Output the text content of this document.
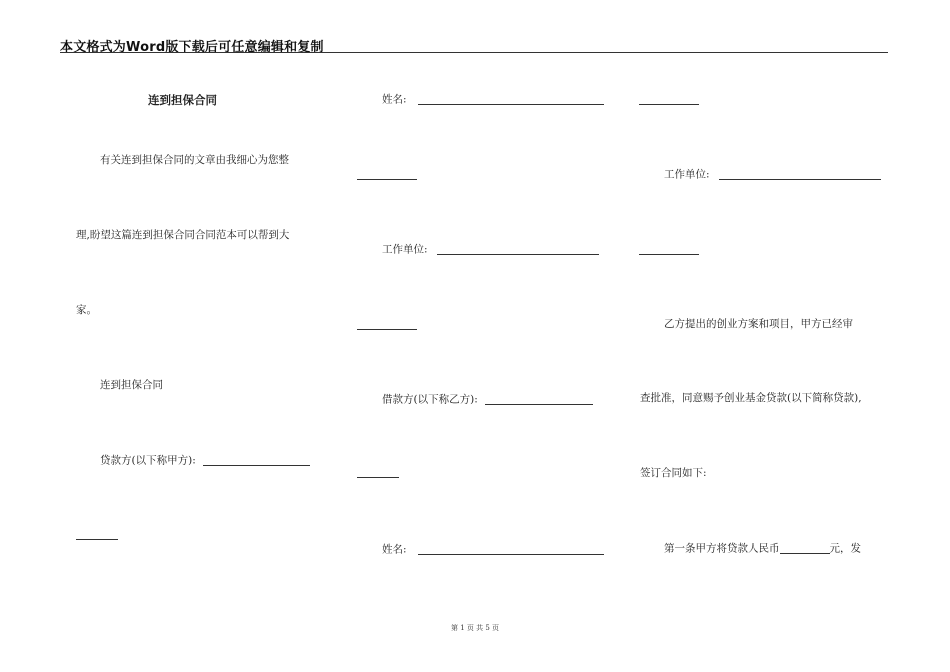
本文格式为Word版下载后可任意编辑和复制
连到担保合同
有关连到担保合同的文章由我细心为您整
理,盼望这篇连到担保合同合同范本可以帮到大
家。
连到担保合同
贷款方(以下称甲方):
姓名:
工作单位:
借款方(以下称乙方):
姓名:
工作单位:
乙方提出的创业方案和项目，甲方已经审
查批准，同意赐予创业基金贷款(以下简称贷款),
签订合同如下:
第一条甲方将贷款人民币	元，发
第 1 页 共 5 页
